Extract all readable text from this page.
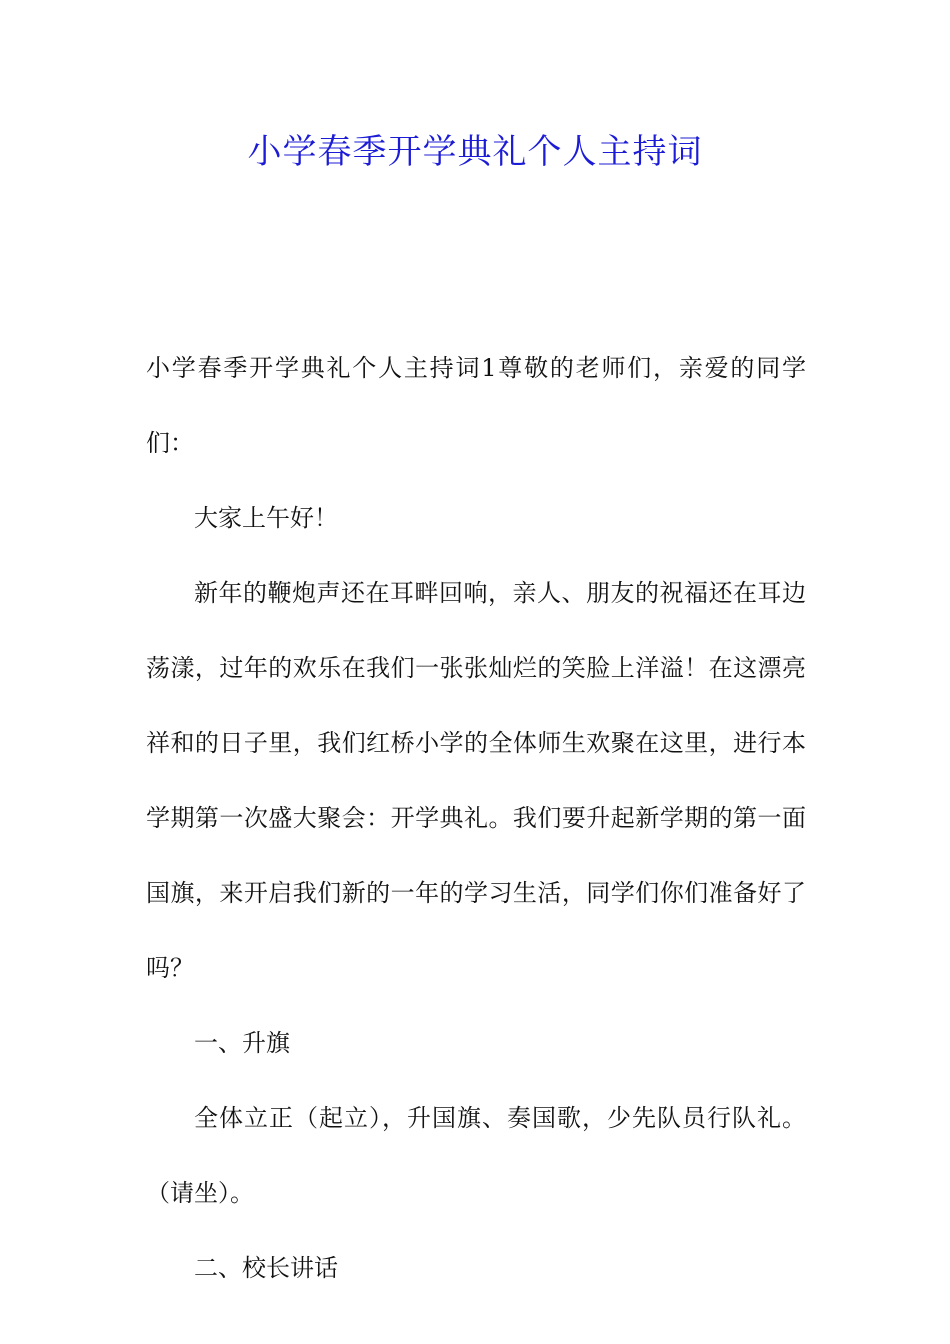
小学春季开学典礼个人主持词

小学春季开学典礼个人主持词1尊敬的老师们，亲爱的同学们：

大家上午好！

新年的鞭炮声还在耳畔回响，亲人、朋友的祝福还在耳边荡漾，过年的欢乐在我们一张张灿烂的笑脸上洋溢！在这漂亮祥和的日子里，我们红桥小学的全体师生欢聚在这里，进行本学期第一次盛大聚会：开学典礼。我们要升起新学期的第一面国旗，来开启我们新的一年的学习生活，同学们你们准备好了吗？

一、升旗

全体立正（起立），升国旗、奏国歌，少先队员行队礼。（请坐）。

二、校长讲话
